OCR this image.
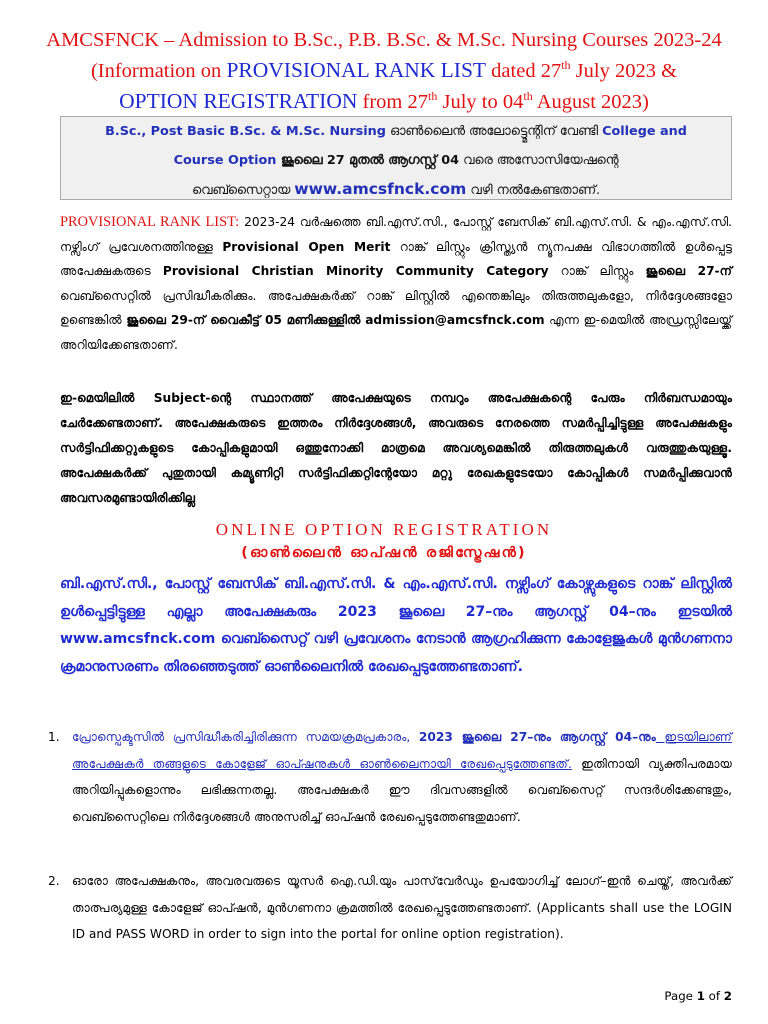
AMCSFNCK – Admission to B.Sc., P.B. B.Sc. & M.Sc. Nursing Courses 2023-24
(Information on PROVISIONAL RANK LIST dated 27th July 2023 &
OPTION REGISTRATION from 27th July to 04th August 2023)
B.Sc., Post Basic B.Sc. & M.Sc. Nursing ഓൺലൈൻ അലോട്ട്മെന്റിന് വേണ്ടി College and
Course Option ജൂലൈ 27 മുതൽ ആഗസ്റ്റ് 04 വരെ അസോസിയേഷന്റെ
വെബ്സൈറ്റായ www.amcsfnck.com വഴി നൽകേണ്ടതാണ്.
PROVISIONAL RANK LIST: 2023-24 വർഷത്തെ ബി.എസ്.സി., പോസ്റ്റ് ബേസിക് ബി.എസ്.സി. & എം.എസ്.സി. നഴ്സിംഗ് പ്രവേശനത്തിനുള്ള Provisional Open Merit റാങ്ക് ലിസ്റ്റും ക്രിസ്ത്യൻ ന്യൂനപക്ഷ വിഭാഗത്തിൽ ഉൾപ്പെട്ട അപേക്ഷകരുടെ Provisional Christian Minority Community Category റാങ്ക് ലിസ്റ്റും ജൂലൈ 27-ന് വെബ്സൈറ്റിൽ പ്രസിദ്ധീകരിക്കും. അപേക്ഷകർക്ക് റാങ്ക് ലിസ്റ്റിൽ എന്തെങ്കിലും തിരുത്തലുകളോ, നിർദ്ദേശങ്ങളോ ഉണ്ടെങ്കിൽ ജൂലൈ 29-ന് വൈകീട്ട് 05 മണിക്കുള്ളിൽ admission@amcsfnck.com എന്ന ഇ-മെയിൽ അഡ്രസ്സിലേയ്ക്ക് അറിയിക്കേണ്ടതാണ്.
ഇ-മെയിലിൽ Subject-ന്റെ സ്ഥാനത്ത് അപേക്ഷയുടെ നമ്പറും അപേക്ഷകന്റെ പേരും നിർബന്ധമായും ചേർക്കേണ്ടതാണ്. അപേക്ഷകരുടെ ഇത്തരം നിർദ്ദേശങ്ങൾ, അവരുടെ നേരത്തെ സമർപ്പിച്ചിട്ടുള്ള അപേക്ഷകളും സർട്ടിഫിക്കറ്റുകളുടെ കോപ്പികളുമായി ഒത്തുനോക്കി മാത്രമെ അവശ്യമെങ്കിൽ തിരുത്തലുകൾ വരുത്തുകയുള്ളൂ. അപേക്ഷകർക്ക് പുതുതായി കമ്യൂണിറ്റി സർട്ടിഫിക്കറ്റിന്റേയോ മറ്റു രേഖകളുടേയോ കോപ്പികൾ സമർപ്പിക്കുവാൻ അവസരമുണ്ടായിരിക്കില്ല
ONLINE OPTION REGISTRATION
(ഓൺലൈൻ ഓപ്ഷൻ രജിസ്ട്രേഷൻ)
ബി.എസ്.സി., പോസ്റ്റ് ബേസിക് ബി.എസ്.സി. & എം.എസ്.സി. നഴ്സിംഗ് കോഴ്സുകളുടെ റാങ്ക് ലിസ്റ്റിൽ ഉൾപ്പെട്ടിട്ടുള്ള എല്ലാ അപേക്ഷകരും 2023 ജൂലൈ 27–നും ആഗസ്റ്റ് 04–നും ഇടയിൽ www.amcsfnck.com വെബ്സൈറ്റ് വഴി പ്രവേശനം നേടാൻ ആഗ്രഹിക്കുന്ന കോളേജുകൾ മുൻഗണനാ ക്രമാനുസരണം തിരഞ്ഞെടുത്ത് ഓൺലൈനിൽ രേഖപ്പെടുത്തേണ്ടതാണ്.
1.	പ്രോസ്പെക്ടസിൽ പ്രസിദ്ധീകരിച്ചിരിക്കുന്ന സമയക്രമപ്രകാരം, 2023 ജൂലൈ 27–നും ആഗസ്റ്റ് 04–നും ഇടയിലാണ് അപേക്ഷകർ തങ്ങളുടെ കോളേജ് ഓപ്ഷനുകൾ ഓൺലൈനായി രേഖപ്പെടുത്തേണ്ടത്. ഇതിനായി വ്യക്തിപരമായ അറിയിപ്പുകളൊന്നും ലഭിക്കുന്നതല്ല. അപേക്ഷകർ ഈ ദിവസങ്ങളിൽ വെബ്സൈറ്റ് സന്ദർശിക്കേണ്ടതും, വെബ്സൈറ്റിലെ നിർദ്ദേശങ്ങൾ അനുസരിച്ച് ഓപ്ഷൻ രേഖപ്പെടുത്തേണ്ടതുമാണ്.
2.	ഓരോ അപേക്ഷകനും, അവരവരുടെ യൂസർ ഐ.ഡി.യും പാസ്‌വേർഡും ഉപയോഗിച്ച് ലോഗ്–ഇൻ ചെയ്ത്, അവർക്ക് താത്പര്യമുള്ള കോളേജ് ഓപ്ഷൻ, മുൻഗണനാ ക്രമത്തിൽ രേഖപ്പെടുത്തേണ്ടതാണ്. (Applicants shall use the LOGIN ID and PASS WORD in order to sign into the portal for online option registration).
Page 1 of 2
